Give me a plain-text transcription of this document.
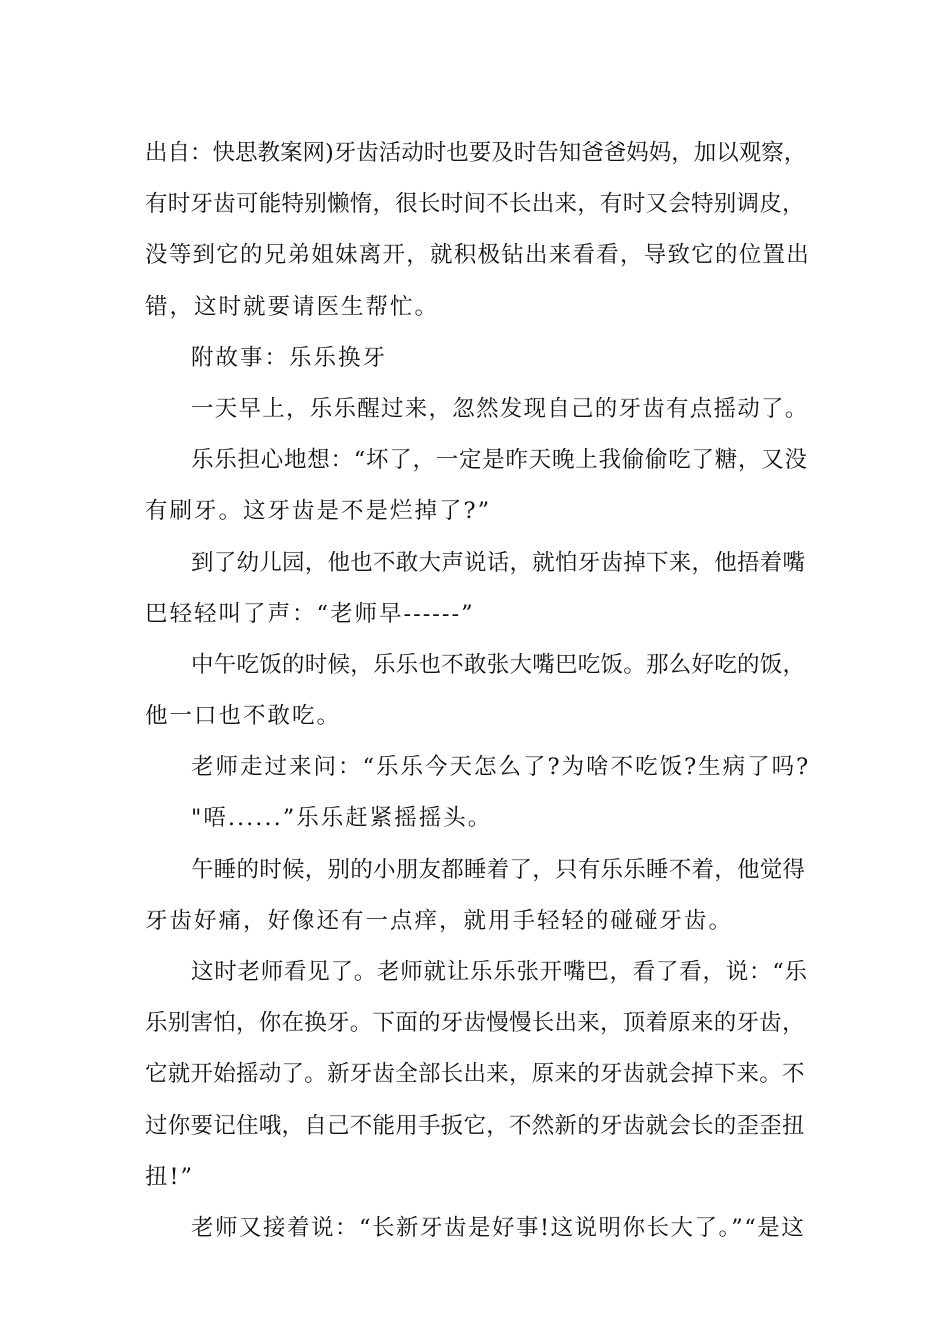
出自：快思教案网)牙齿活动时也要及时告知爸爸妈妈，加以观察，
有时牙齿可能特别懒惰，很长时间不长出来，有时又会特别调皮，
没等到它的兄弟姐妹离开，就积极钻出来看看，导致它的位置出
错，这时就要请医生帮忙。
附故事：乐乐换牙
一天早上，乐乐醒过来，忽然发现自己的牙齿有点摇动了。
乐乐担心地想：“坏了，一定是昨天晚上我偷偷吃了糖，又没
有刷牙。这牙齿是不是烂掉了?”
到了幼儿园，他也不敢大声说话，就怕牙齿掉下来，他捂着嘴
巴轻轻叫了声：“老师早------”
中午吃饭的时候，乐乐也不敢张大嘴巴吃饭。那么好吃的饭，
他一口也不敢吃。
老师走过来问：“乐乐今天怎么了?为啥不吃饭?生病了吗?
"唔......”乐乐赶紧摇摇头。
午睡的时候，别的小朋友都睡着了，只有乐乐睡不着，他觉得
牙齿好痛，好像还有一点痒，就用手轻轻的碰碰牙齿。
这时老师看见了。老师就让乐乐张开嘴巴，看了看，说：“乐
乐别害怕，你在换牙。下面的牙齿慢慢长出来，顶着原来的牙齿，
它就开始摇动了。新牙齿全部长出来，原来的牙齿就会掉下来。不
过你要记住哦，自己不能用手扳它，不然新的牙齿就会长的歪歪扭
扭!”
老师又接着说：“长新牙齿是好事!这说明你长大了。”“是这
